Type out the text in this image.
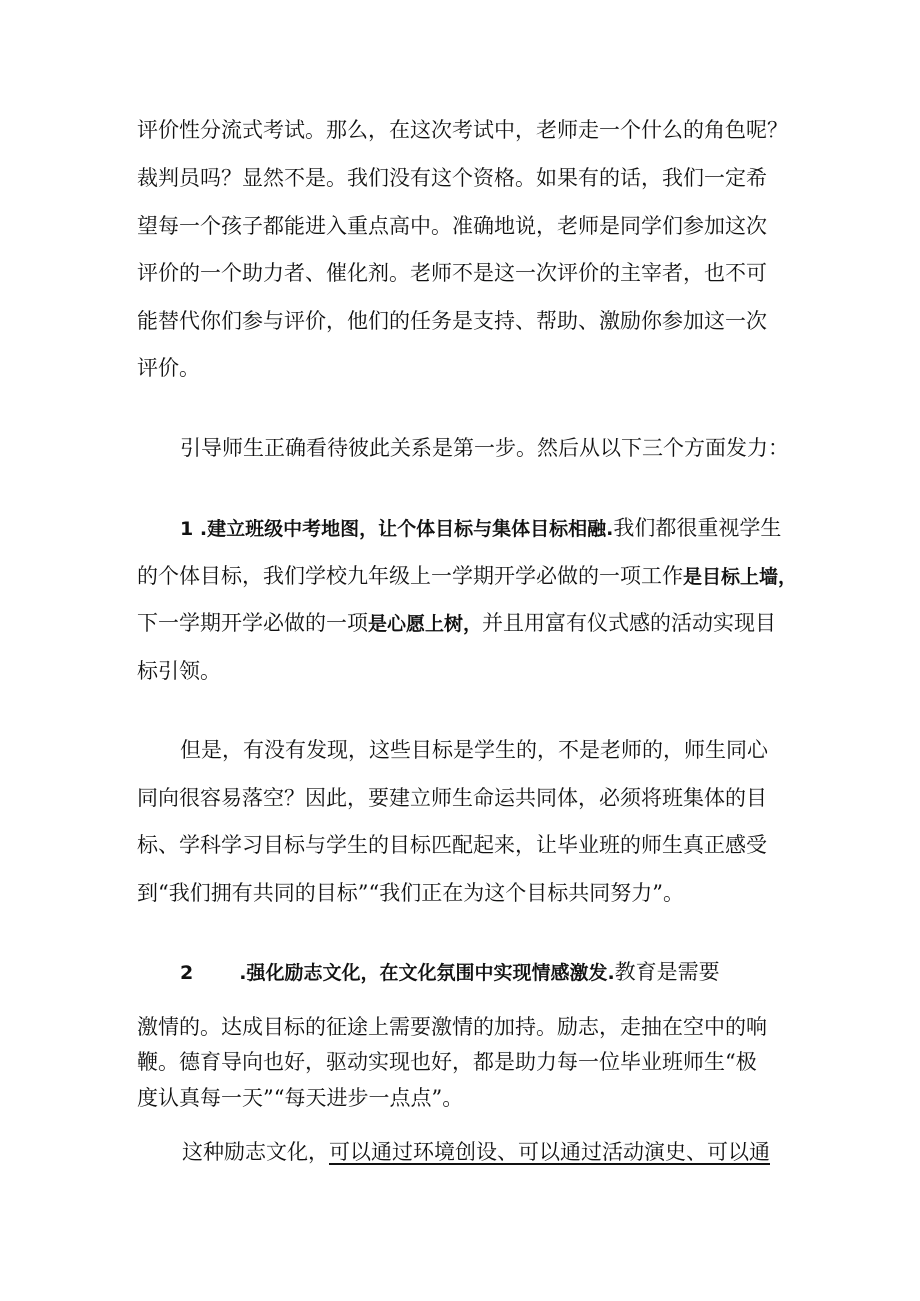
评价性分流式考试。那么，在这次考试中，老师走一个什么的角色呢？

裁判员吗？显然不是。我们没有这个资格。如果有的话，我们一定希

望每一个孩子都能进入重点高中。准确地说，老师是同学们参加这次

评价的一个助力者、催化剂。老师不是这一次评价的主宰者，也不可

能替代你们参与评价，他们的任务是支持、帮助、激励你参加这一次

评价。

引导师生正确看待彼此关系是第一步。然后从以下三个方面发力：

1 .建立班级中考地图，让个体目标与集体目标相融.我们都很重视学生

的个体目标，我们学校九年级上一学期开学必做的一项工作是目标上墙，

下一学期开学必做的一项是心愿上树，并且用富有仪式感的活动实现目

标引领。

但是，有没有发现，这些目标是学生的，不是老师的，师生同心

同向很容易落空？因此，要建立师生命运共同体，必须将班集体的目

标、学科学习目标与学生的目标匹配起来，让毕业班的师生真正感受

到“我们拥有共同的目标”“我们正在为这个目标共同努力”。

2 .强化励志文化，在文化氛围中实现情感激发.教育是需要

激情的。达成目标的征途上需要激情的加持。励志，走抽在空中的响

鞭。德育导向也好，驱动实现也好，都是助力每一位毕业班师生“极

度认真每一天”“每天进步一点点”。

这种励志文化，可以通过环境创设、可以通过活动演史、可以通
